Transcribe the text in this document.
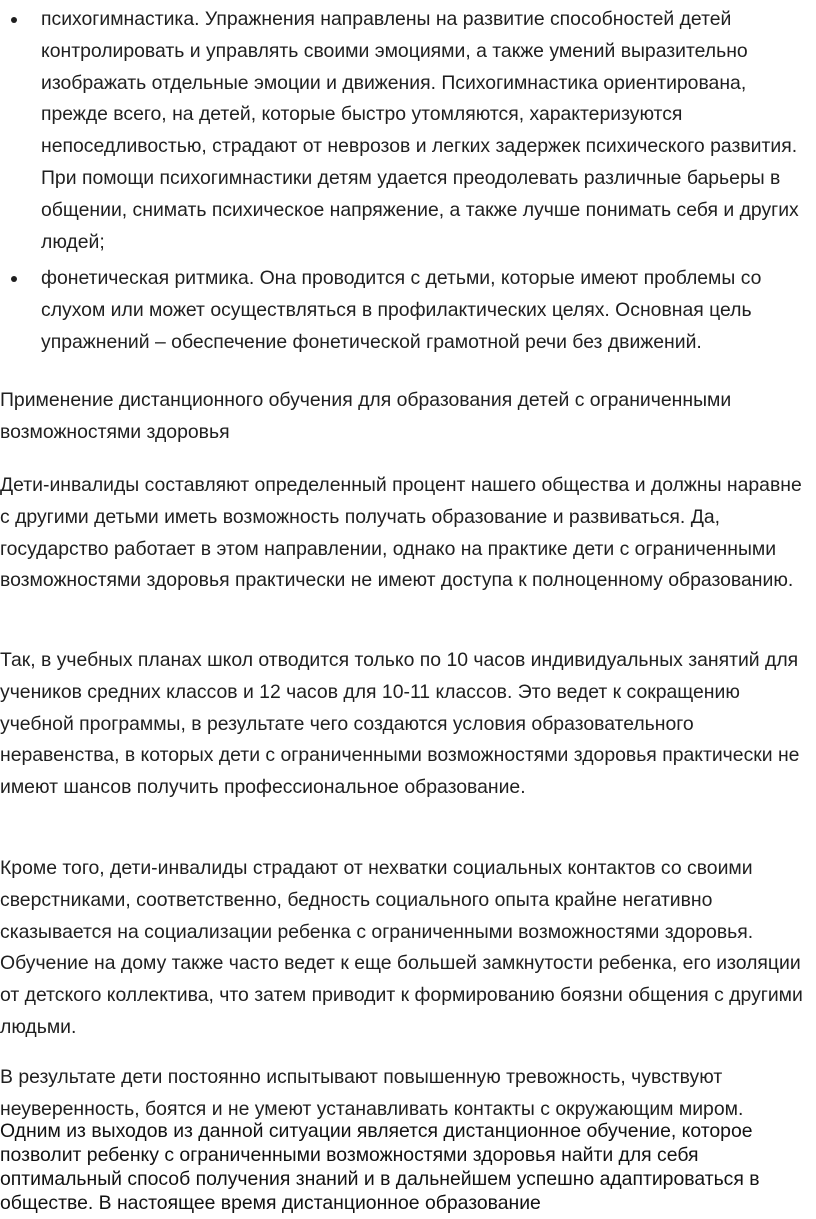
психогимнастика. Упражнения направлены на развитие способностей детей контролировать и управлять своими эмоциями, а также умений выразительно изображать отдельные эмоции и движения. Психогимнастика ориентирована, прежде всего, на детей, которые быстро утомляются, характеризуются непоседливостью, страдают от неврозов и легких задержек психического развития. При помощи психогимнастики детям удается преодолевать различные барьеры в общении, снимать психическое напряжение, а также лучше понимать себя и других людей;
фонетическая ритмика. Она проводится с детьми, которые имеют проблемы со слухом или может осуществляться в профилактических целях. Основная цель упражнений – обеспечение фонетической грамотной речи без движений.

Применение дистанционного обучения для образования детей с ограниченными возможностями здоровья

Дети-инвалиды составляют определенный процент нашего общества и должны наравне с другими детьми иметь возможность получать образование и развиваться. Да, государство работает в этом направлении, однако на практике дети с ограниченными возможностями здоровья практически не имеют доступа к полноценному образованию.

Так, в учебных планах школ отводится только по 10 часов индивидуальных занятий для учеников средних классов и 12 часов для 10-11 классов. Это ведет к сокращению учебной программы, в результате чего создаются условия образовательного неравенства, в которых дети с ограниченными возможностями здоровья практически не имеют шансов получить профессиональное образование.

Кроме того, дети-инвалиды страдают от нехватки социальных контактов со своими сверстниками, соответственно, бедность социального опыта крайне негативно сказывается на социализации ребенка с ограниченными возможностями здоровья. Обучение на дому также часто ведет к еще большей замкнутости ребенка, его изоляции от детского коллектива, что затем приводит к формированию боязни общения с другими людьми.

В результате дети постоянно испытывают повышенную тревожность, чувствуют неуверенность, боятся и не умеют устанавливать контакты с окружающим миром.

Одним из выходов из данной ситуации является дистанционное обучение, которое позволит ребенку с ограниченными возможностями здоровья найти для себя оптимальный способ получения знаний и в дальнейшем успешно адаптироваться в обществе. В настоящее время дистанционное образование
